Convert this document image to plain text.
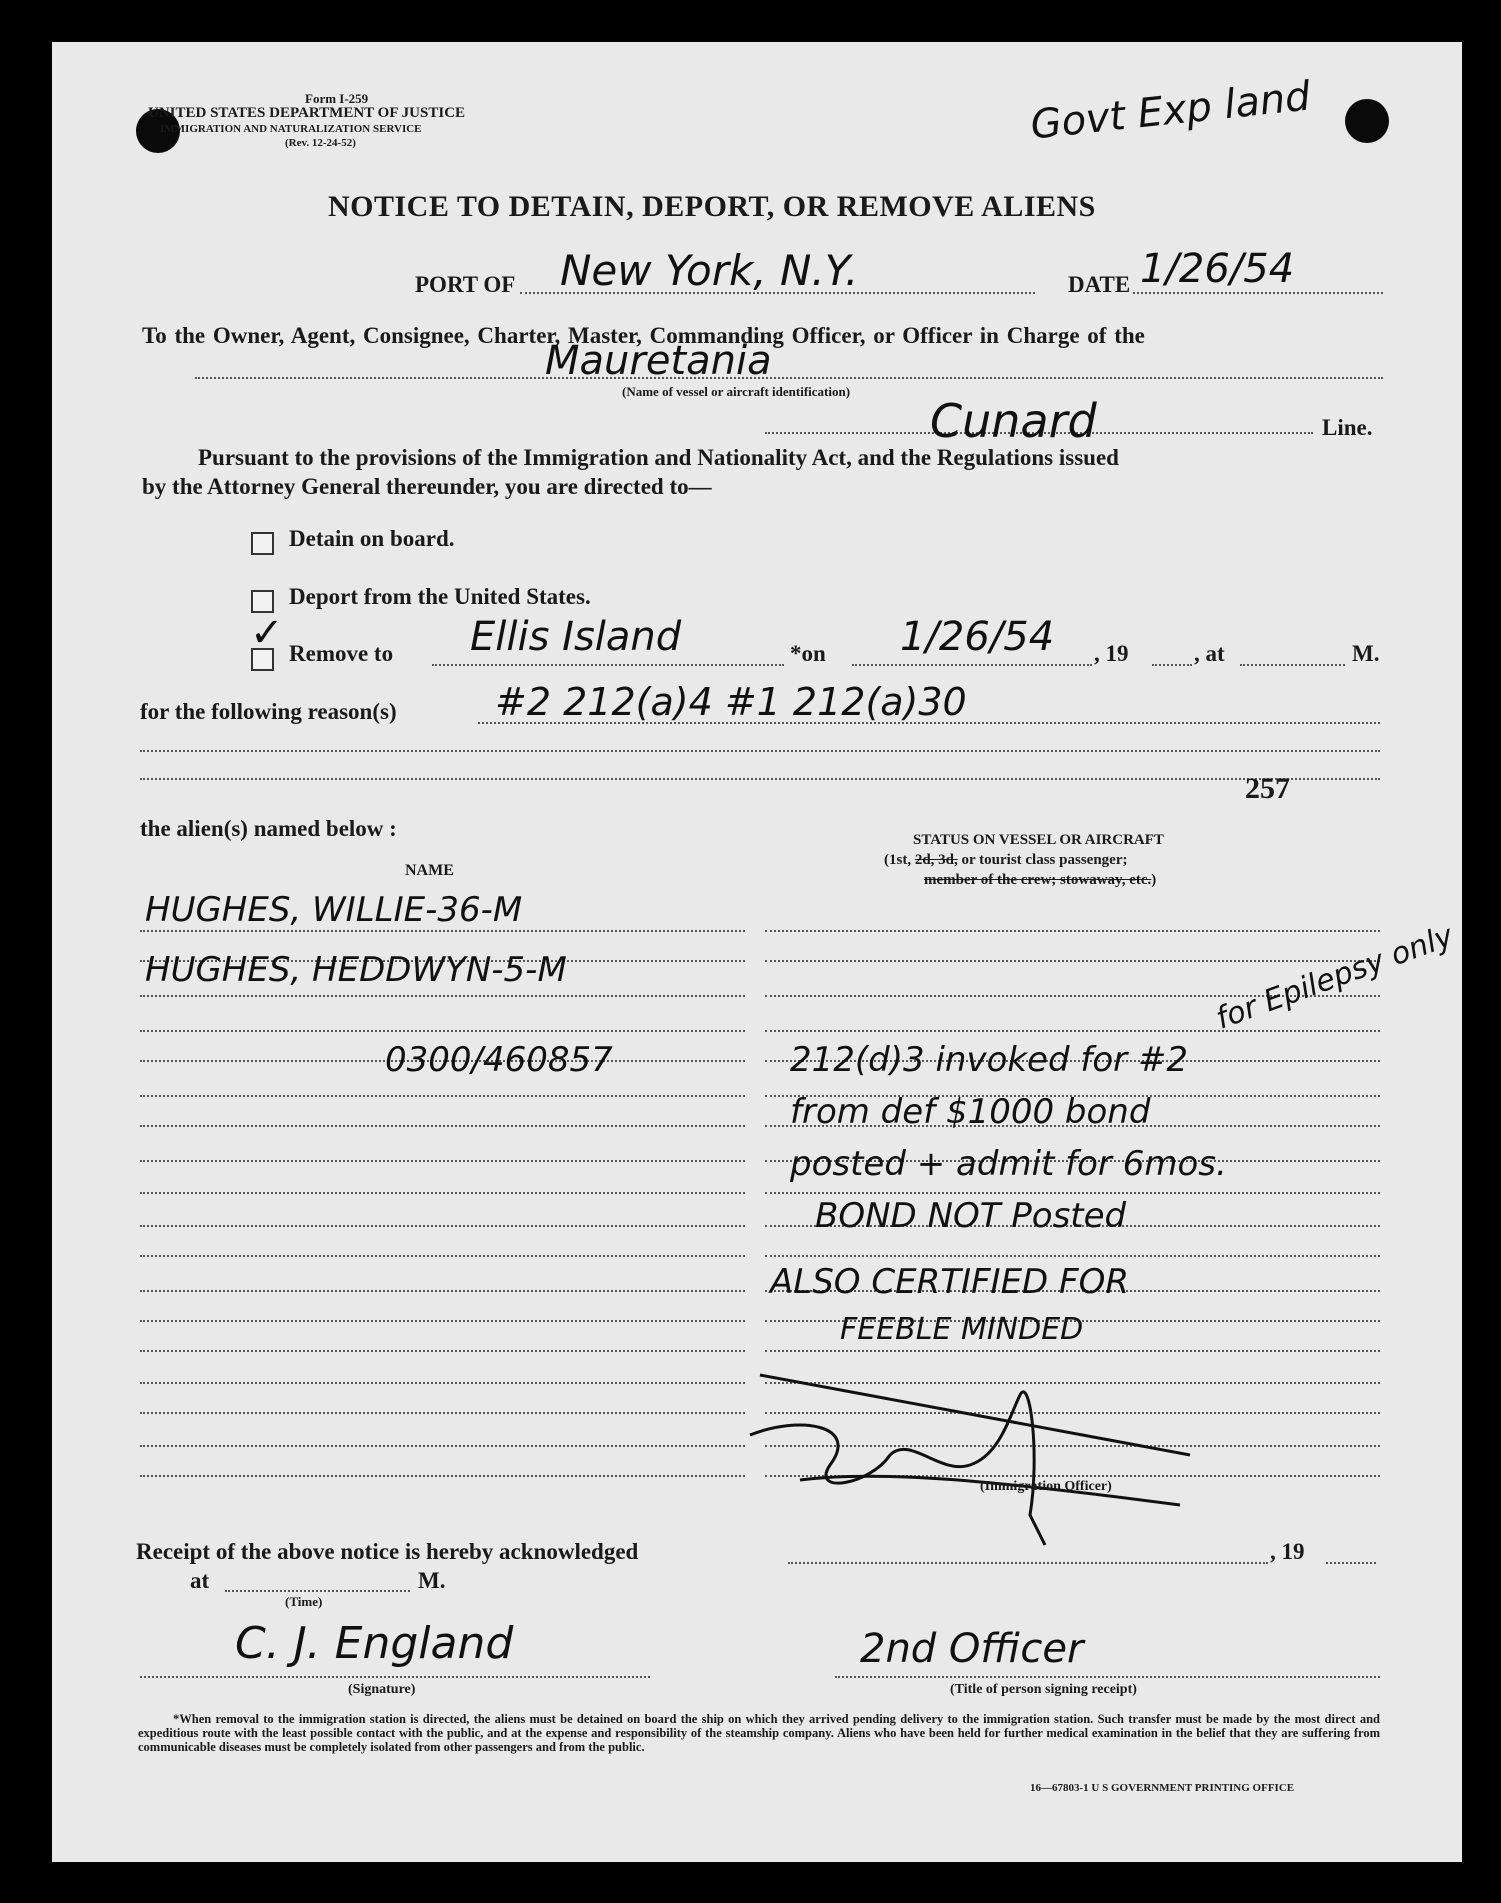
Form I-259
UNITED STATES DEPARTMENT OF JUSTICE
IMMIGRATION AND NATURALIZATION SERVICE
(Rev. 12-24-52)	Govt Exp land
NOTICE TO DETAIN, DEPORT, OR REMOVE ALIENS
PORT OF New York, N.Y.	DATE 1/26/54
To the Owner, Agent, Consignee, Charter, Master, Commanding Officer, or Officer in Charge of the
Mauretania
(Name of vessel or aircraft identification)
Cunard	Line.
Pursuant to the provisions of the Immigration and Nationality Act, and the Regulations issued
by the Attorney General thereunder, you are directed to—
Detain on board.
Deport from the United States.
✓ Remove to Ellis Island	*on 1/26/54 , 19	, at	M.
for the following reason(s)	#2 212(a)4 #1 212(a)30
257
the alien(s) named below :
NAME
STATUS ON VESSEL OR AIRCRAFT
(1st, 2d, 3d, or tourist class passenger;
member of the crew; stowaway, etc.)
HUGHES, WILLIE-36-M
HUGHES, HEDDWYN-5-M
0300/460857
for Epilepsy only
212(d)3 invoked for #2
from def $1000 bond
posted + admit for 6mos.
BOND NOT Posted
ALSO CERTIFIED FOR
FEEBLE MINDED
(Immigration Officer)
Receipt of the above notice is hereby acknowledged	, 19
at	M.
(Time)
C. J. England
(Signature)
2nd Officer
(Title of person signing receipt)
*When removal to the immigration station is directed, the aliens must be detained on board the ship on which they arrived pending delivery to the immigration station. Such transfer must be made by the most direct and expeditious route with the least possible contact with the public, and at the expense and responsibility of the steamship company. Aliens who have been held for further medical examination in the belief that they are suffering from communicable diseases must be completely isolated from other passengers and from the public.
16—67803-1 U S GOVERNMENT PRINTING OFFICE
